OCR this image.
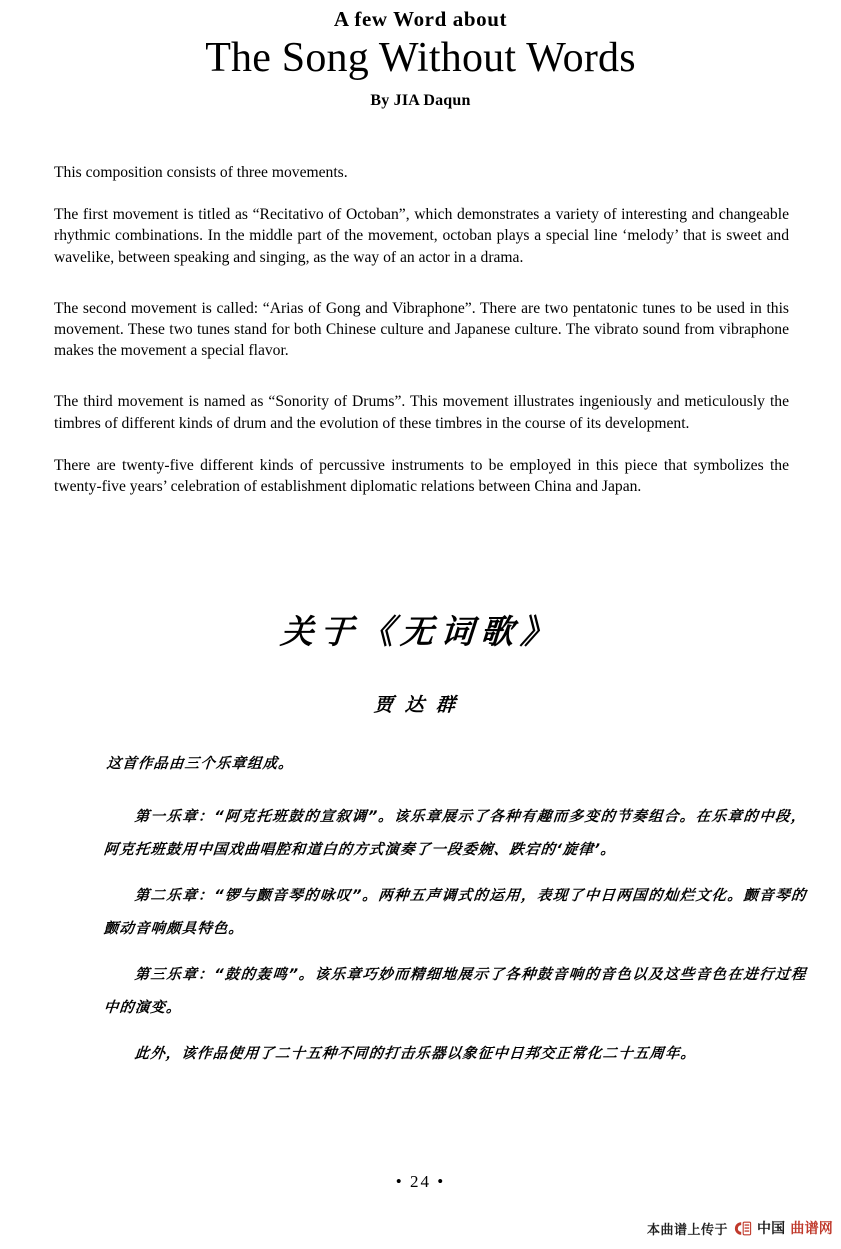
A few Word about
The Song Without Words
By JIA Daqun

This composition consists of three movements.

The first movement is titled as “Recitativo of Octoban”, which demonstrates a variety of interesting and changeable rhythmic combinations. In the middle part of the movement, octoban plays a special line ‘melody’ that is sweet and wavelike, between speaking and singing, as the way of an actor in a drama.

The second movement is called: “Arias of Gong and Vibraphone”. There are two pentatonic tunes to be used in this movement. These two tunes stand for both Chinese culture and Japanese culture. The vibrato sound from vibraphone makes the movement a special flavor.

The third movement is named as “Sonority of Drums”. This movement illustrates ingeniously and meticulously the timbres of different kinds of drum and the evolution of these timbres in the course of its development.

There are twenty-five different kinds of percussive instruments to be employed in this piece that symbolizes the twenty-five years’ celebration of establishment diplomatic relations between China and Japan.

关于《无词歌》
贾达群

这首作品由三个乐章组成。

第一乐章：“阿克托班鼓的宣叙调”。该乐章展示了各种有趣而多变的节奏组合。在乐章的中段，阿克托班鼓用中国戏曲唱腔和道白的方式演奏了一段委婉、跌宕的‘旋律’。

第二乐章：“锣与颤音琴的咏叹”。两种五声调式的运用，表现了中日两国的灿烂文化。颤音琴的颤动音响颇具特色。

第三乐章：“鼓的轰鸣”。该乐章巧妙而精细地展示了各种鼓音响的音色以及这些音色在进行过程中的演变。

此外，该作品使用了二十五种不同的打击乐器以象征中日邦交正常化二十五周年。

• 24 •
本曲谱上传于 中国 曲谱网
